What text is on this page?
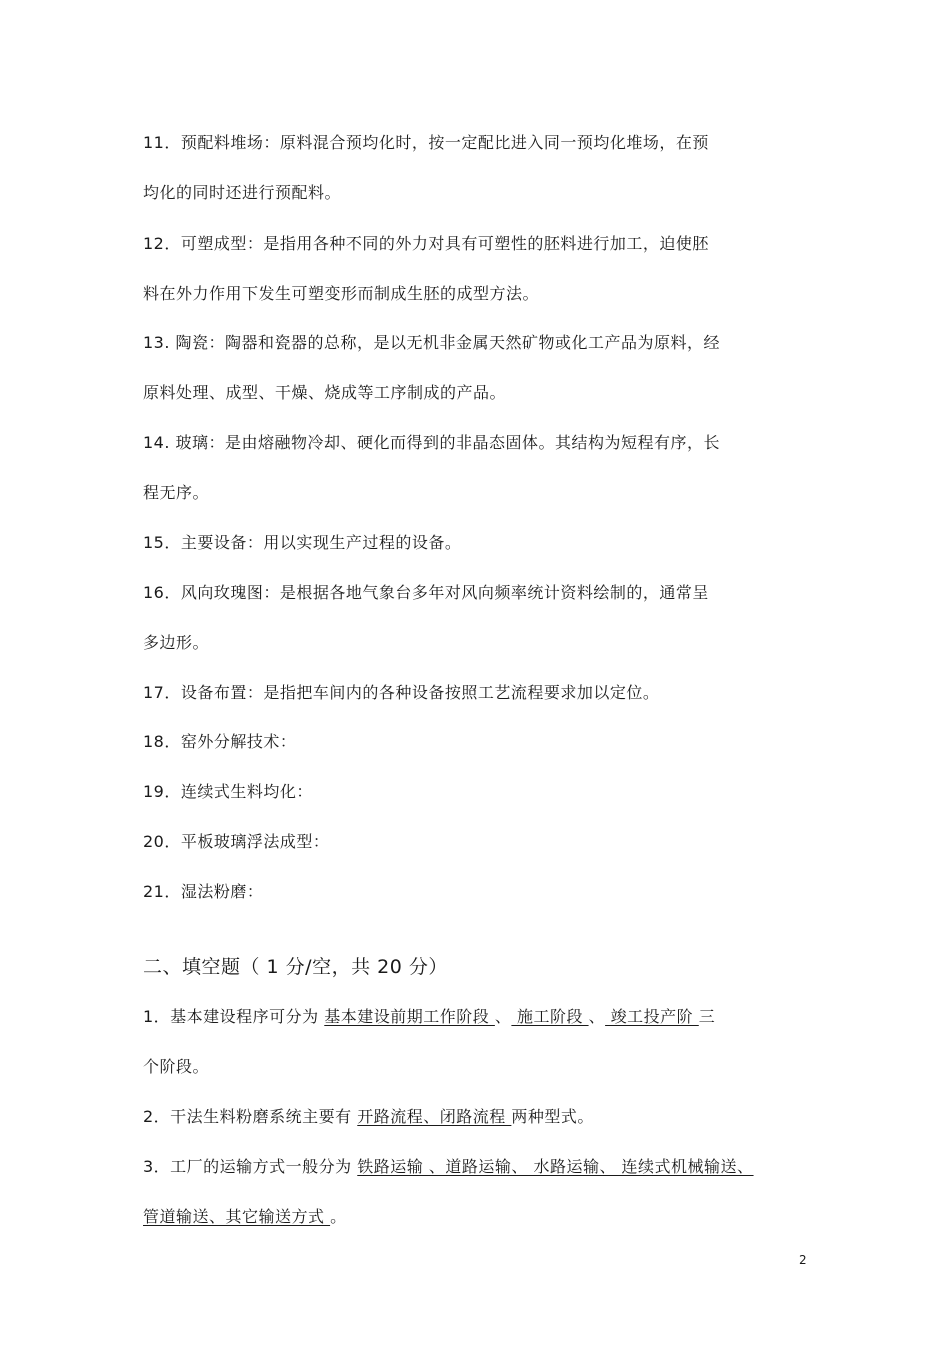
11．预配料堆场：原料混合预均化时，按一定配比进入同一预均化堆场，在预
均化的同时还进行预配料。
12．可塑成型：是指用各种不同的外力对具有可塑性的胚料进行加工，迫使胚
料在外力作用下发生可塑变形而制成生胚的成型方法。
13. 陶瓷：陶器和瓷器的总称，是以无机非金属天然矿物或化工产品为原料，经
原料处理、成型、干燥、烧成等工序制成的产品。
14. 玻璃：是由熔融物冷却、硬化而得到的非晶态固体。其结构为短程有序，长
程无序。
15．主要设备：用以实现生产过程的设备。
16．风向玫瑰图：是根据各地气象台多年对风向频率统计资料绘制的，通常呈
多边形。
17．设备布置：是指把车间内的各种设备按照工艺流程要求加以定位。
18．窑外分解技术：
19．连续式生料均化：
20．平板玻璃浮法成型：
21．湿法粉磨：
二、填空题（ 1 分/空，共 20 分）
1．基本建设程序可分为 基本建设前期工作阶段 、 施工阶段 、 竣工投产阶 三
个阶段。
2．干法生料粉磨系统主要有 开路流程、闭路流程 两种型式。
3．工厂的运输方式一般分为 铁路运输 、道路运输、 水路运输、 连续式机械输送、
管道输送、其它输送方式 。
2
